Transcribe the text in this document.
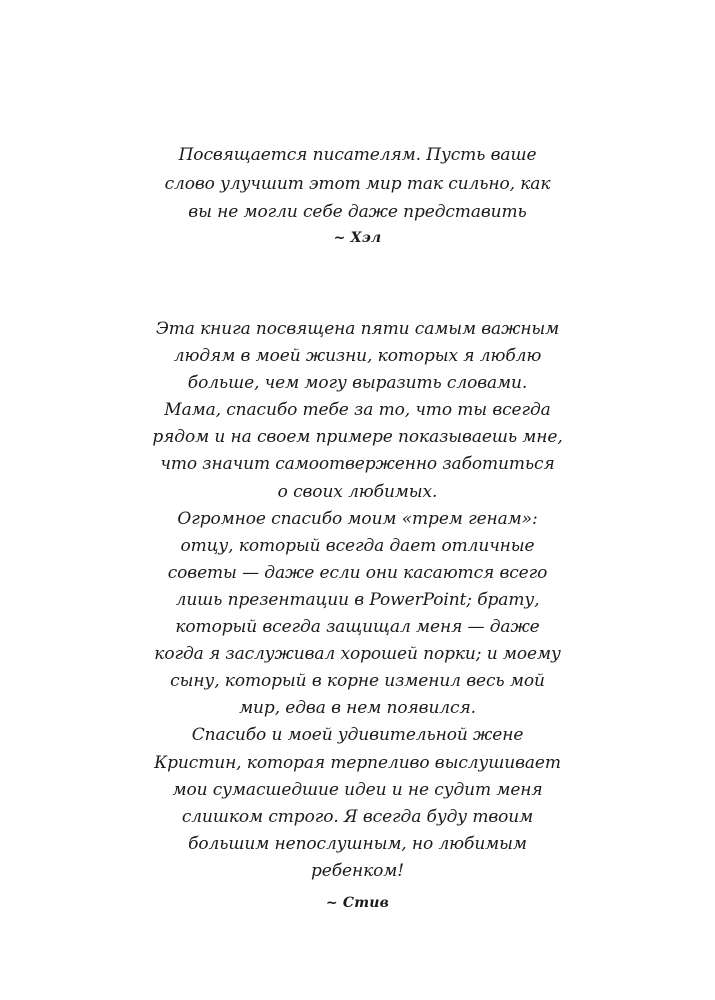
Посвящается писателям. Пусть ваше
слово улучшит этот мир так сильно, как
вы не могли себе даже представить
~ Хэл
Эта книга посвящена пяти самым важным
людям в моей жизни, которых я люблю
больше, чем могу выразить словами.
Мама, спасибо тебе за то, что ты всегда
рядом и на своем примере показываешь мне,
что значит самоотверженно заботиться
о своих любимых.
Огромное спасибо моим «трем генам»:
отцу, который всегда дает отличные
советы — даже если они касаются всего
лишь презентации в PowerPoint; брату,
который всегда защищал меня — даже
когда я заслуживал хорошей порки; и моему
сыну, который в корне изменил весь мой
мир, едва в нем появился.
Спасибо и моей удивительной жене
Кристин, которая терпеливо выслушивает
мои сумасшедшие идеи и не судит меня
слишком строго. Я всегда буду твоим
большим непослушным, но любимым
ребенком!
~ Стив
